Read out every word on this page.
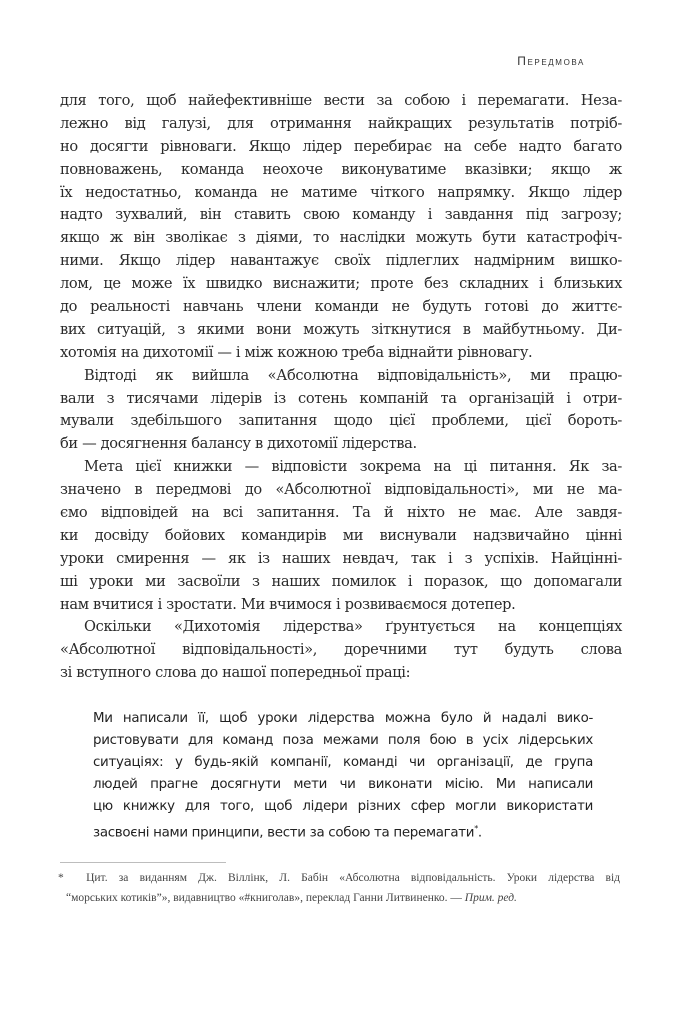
Передмова
для того, щоб найефективніше вести за собою і перемагати. Неза-
лежно від галузі, для отримання найкращих результатів потріб-
но досягти рівноваги. Якщо лідер перебирає на себе надто багато
повноважень, команда неохоче виконуватиме вказівки; якщо ж
їх недостатньо, команда не матиме чіткого напрямку. Якщо лідер
надто зухвалий, він ставить свою команду і завдання під загрозу;
якщо ж він зволікає з діями, то наслідки можуть бути катастрофіч-
ними. Якщо лідер навантажує своїх підлеглих надмірним вишко-
лом, це може їх швидко виснажити; проте без складних і близьких
до реальності навчань члени команди не будуть готові до життє-
вих ситуацій, з якими вони можуть зіткнутися в майбутньому. Ди-
хотомія на дихотомії — і між кожною треба віднайти рівновагу.
Відтоді як вийшла «Абсолютна відповідальність», ми працю-
вали з тисячами лідерів із сотень компаній та організацій і отри-
мували здебільшого запитання щодо цієї проблеми, цієї бороть-
би — досягнення балансу в дихотомії лідерства.
Мета цієї книжки — відповісти зокрема на ці питання. Як за-
значено в передмові до «Абсолютної відповідальності», ми не ма-
ємо відповідей на всі запитання. Та й ніхто не має. Але завдя-
ки досвіду бойових командирів ми виснували надзвичайно цінні
уроки смирення — як із наших невдач, так і з успіхів. Найцінні-
ші уроки ми засвоїли з наших помилок і поразок, що допомагали
нам вчитися і зростати. Ми вчимося і розвиваємося дотепер.
Оскільки «Дихотомія лідерства» ґрунтується на концепціях
«Абсолютної відповідальності», доречними тут будуть слова
зі вступного слова до нашої попередньої праці:
Ми написали її, щоб уроки лідерства можна було й надалі вико-
ристовувати для команд поза межами поля бою в усіх лідерських
ситуаціях: у будь-якій компанії, команді чи організації, де група
людей прагне досягнути мети чи виконати місію. Ми написали
цю книжку для того, щоб лідери різних сфер могли використати
засвоєні нами принципи, вести за собою та перемагати*.
* Цит. за виданням Дж. Віллінк, Л. Бабін «Абсолютна відповідальність. Уроки лідерства від
“морських котиків”», видавництво «#книголав», переклад Ганни Литвиненко. — Прим. ред.
